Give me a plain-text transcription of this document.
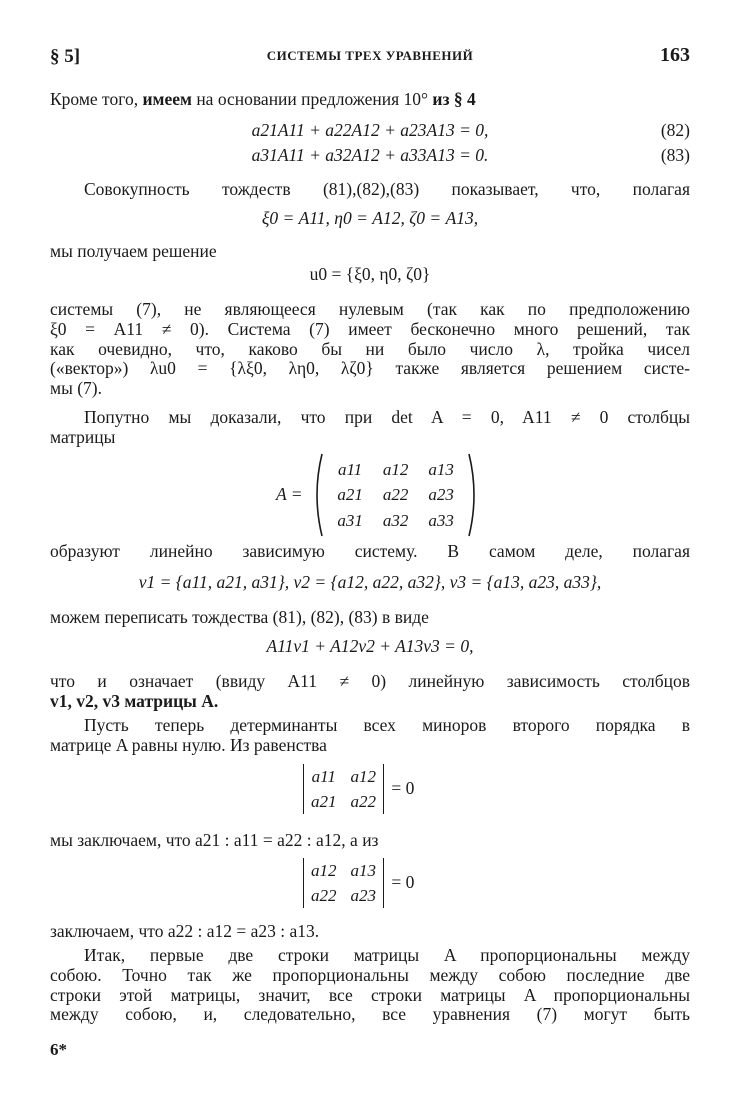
§ 5]	СИСТЕМЫ ТРЕХ УРАВНЕНИЙ	163

Кроме того, имеем на основании предложения 10° из § 4

a21A11 + a22A12 + a23A13 = 0,	(82)
a31A11 + a32A12 + a33A13 = 0.	(83)

Совокупность тождеств (81),(82),(83) показывает, что, полагая

ξ0 = A11, η0 = A12, ζ0 = A13,

мы получаем решение

u0 = {ξ0, η0, ζ0}
системы (7), не являющееся нулевым (так как по предположению
ξ0 = A11 ≠ 0). Система (7) имеет бесконечно много решений, так
как очевидно, что, каково бы ни было число λ, тройка чисел
(«вектор») λu0 = {λξ0, λη0, λζ0} также является решением систе-
мы (7).
Попутно мы доказали, что при det A = 0, A11 ≠ 0 столбцы
матрицы
A =  a11	a12	a13
a21	a22	a23
a31	a32	a33

образуют линейно зависимую систему. В самом деле, полагая

v1 = {a11, a21, a31}, v2 = {a12, a22, a32}, v3 = {a13, a23, a33},

можем переписать тождества (81), (82), (83) в виде

A11v1 + A12v2 + A13v3 = 0,
что и означает (ввиду A11 ≠ 0) линейную зависимость столбцов
v1, v2, v3 матрицы A.
Пусть теперь детерминанты всех миноров второго порядка в
матрице A равны нулю. Из равенства
a11	a12
a21	a22 = 0

мы заключаем, что a21 : a11 = a22 : a12, а из

a12	a13
a22	a23 = 0

заключаем, что a22 : a12 = a23 : a13.

Итак, первые две строки матрицы A пропорциональны между
собою. Точно так же пропорциональны между собою последние две
строки этой матрицы, значит, все строки матрицы A пропорциональны
между собою, и, следовательно, все уравнения (7) могут быть
6*
